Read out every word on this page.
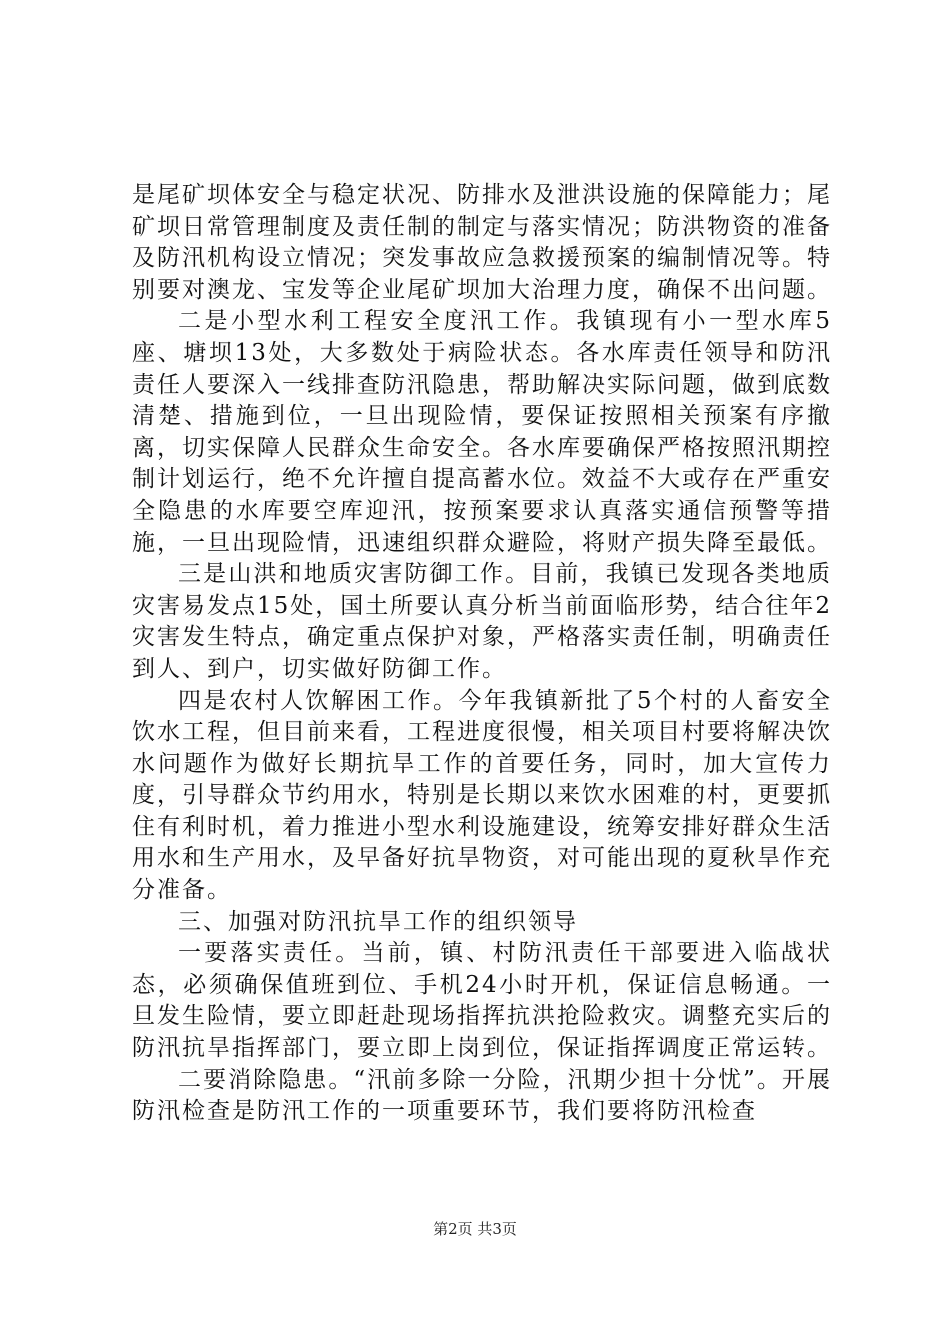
是尾矿坝体安全与稳定状况、防排水及泄洪设施的保障能力；尾矿坝日常管理制度及责任制的制定与落实情况；防洪物资的准备及防汛机构设立情况；突发事故应急救援预案的编制情况等。特别要对澳龙、宝发等企业尾矿坝加大治理力度，确保不出问题。

二是小型水利工程安全度汛工作。我镇现有小一型水库5座、塘坝13处，大多数处于病险状态。各水库责任领导和防汛责任人要深入一线排查防汛隐患，帮助解决实际问题，做到底数清楚、措施到位，一旦出现险情，要保证按照相关预案有序撤离，切实保障人民群众生命安全。各水库要确保严格按照汛期控制计划运行，绝不允许擅自提高蓄水位。效益不大或存在严重安全隐患的水库要空库迎汛，按预案要求认真落实通信预警等措施，一旦出现险情，迅速组织群众避险，将财产损失降至最低。

三是山洪和地质灾害防御工作。目前，我镇已发现各类地质灾害易发点15处，国土所要认真分析当前面临形势，结合往年2灾害发生特点，确定重点保护对象，严格落实责任制，明确责任到人、到户，切实做好防御工作。

四是农村人饮解困工作。今年我镇新批了5个村的人畜安全饮水工程，但目前来看，工程进度很慢，相关项目村要将解决饮水问题作为做好长期抗旱工作的首要任务，同时，加大宣传力度，引导群众节约用水，特别是长期以来饮水困难的村，更要抓住有利时机，着力推进小型水利设施建设，统筹安排好群众生活用水和生产用水，及早备好抗旱物资，对可能出现的夏秋旱作充分准备。

三、加强对防汛抗旱工作的组织领导

一要落实责任。当前，镇、村防汛责任干部要进入临战状态，必须确保值班到位、手机24小时开机，保证信息畅通。一旦发生险情，要立即赶赴现场指挥抗洪抢险救灾。调整充实后的防汛抗旱指挥部门，要立即上岗到位，保证指挥调度正常运转。

二要消除隐患。“汛前多除一分险，汛期少担十分忧”。开展防汛检查是防汛工作的一项重要环节，我们要将防汛检查

第2页 共3页
